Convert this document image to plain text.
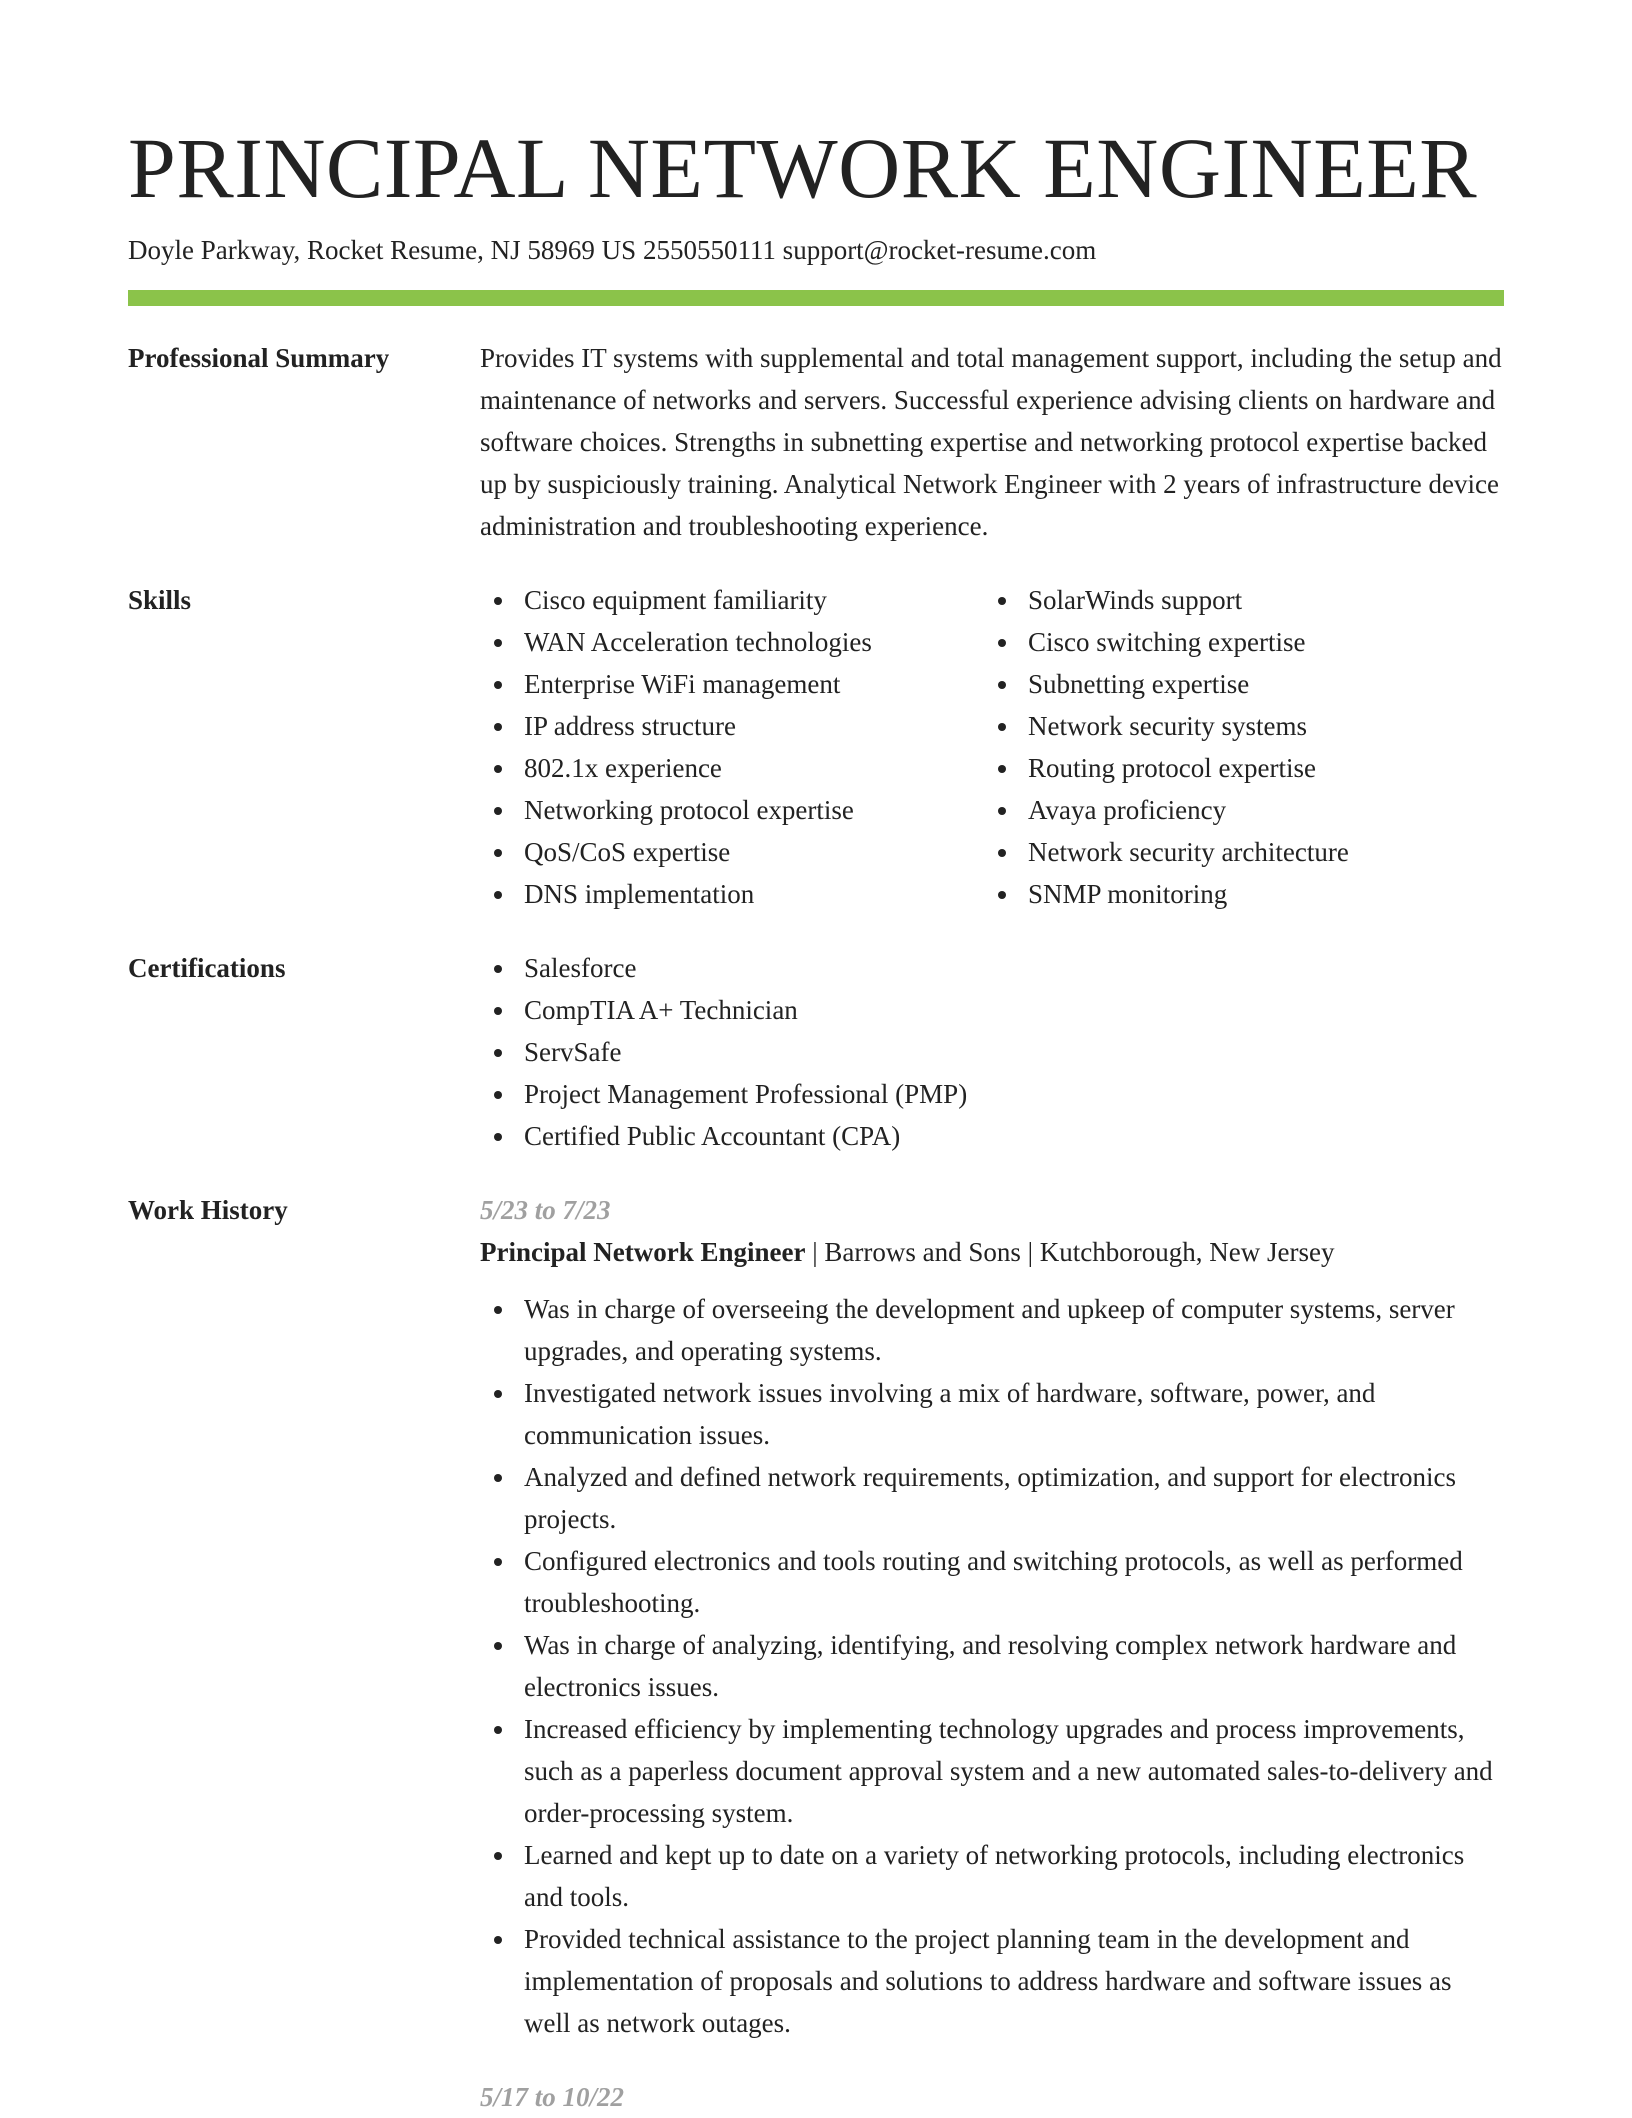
PRINCIPAL NETWORK ENGINEER
Doyle Parkway, Rocket Resume, NJ 58969 US 2550550111 support@rocket-resume.com
Professional Summary	Provides IT systems with supplemental and total management support, including the setup and maintenance of networks and servers. Successful experience advising clients on hardware and software choices. Strengths in subnetting expertise and networking protocol expertise backed up by suspiciously training. Analytical Network Engineer with 2 years of infrastructure device administration and troubleshooting experience.
Skills	Cisco equipment familiarity
WAN Acceleration technologies
Enterprise WiFi management
IP address structure
802.1x experience
Networking protocol expertise
QoS/CoS expertise
DNS implementation
SolarWinds support
Cisco switching expertise
Subnetting expertise
Network security systems
Routing protocol expertise
Avaya proficiency
Network security architecture
SNMP monitoring
Certifications	Salesforce
CompTIA A+ Technician
ServSafe
Project Management Professional (PMP)
Certified Public Accountant (CPA)
Work History	5/23 to 7/23
Principal Network Engineer | Barrows and Sons | Kutchborough, New Jersey
Was in charge of overseeing the development and upkeep of computer systems, server upgrades, and operating systems.
Investigated network issues involving a mix of hardware, software, power, and communication issues.
Analyzed and defined network requirements, optimization, and support for electronics projects.
Configured electronics and tools routing and switching protocols, as well as performed troubleshooting.
Was in charge of analyzing, identifying, and resolving complex network hardware and electronics issues.
Increased efficiency by implementing technology upgrades and process improvements, such as a paperless document approval system and a new automated sales-to-delivery and order-processing system.
Learned and kept up to date on a variety of networking protocols, including electronics and tools.
Provided technical assistance to the project planning team in the development and implementation of proposals and solutions to address hardware and software issues as well as network outages.
5/17 to 10/22
